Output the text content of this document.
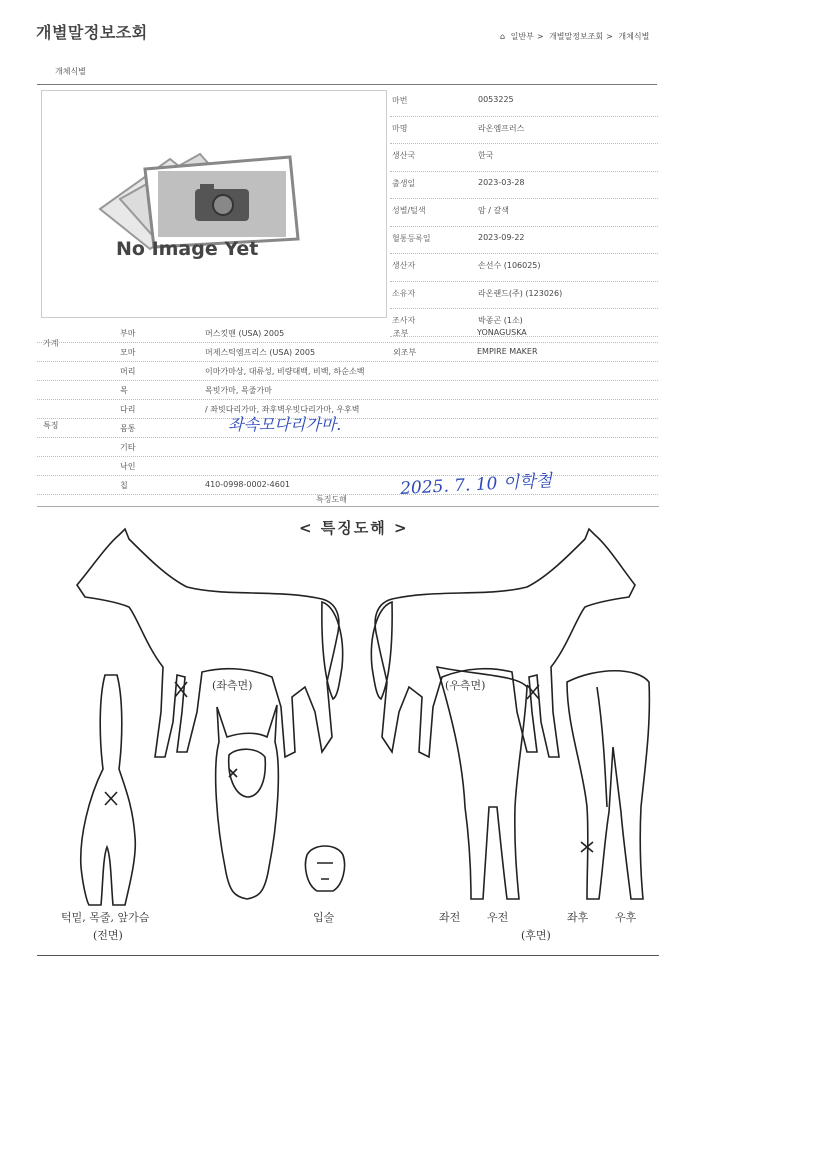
개별말정보조회	⌂ 일반부 > 개별말정보조회 > 개체식별
개체식별
No Image Yet
마번	0053225
마명	라온엠프러스
생산국	한국
출생일	2023-03-28
성별/털색	암 / 갈색
혈통등록일	2023-09-22
생산자	손선수 (106025)
소유자	라온랜드(주) (123026)
조사자	박종곤 (1소)
가계
부마	머스킷맨 (USA) 2005	조부	YONAGUSKA
모마	머제스틱엠프리스 (USA) 2005	외조부	EMPIRE MAKER
특징
머리	이마가마상, 대류성, 비량대백, 비백, 하순소백
목	목빗가마, 목줄가마
다리	/ 좌빗다리가마, 좌후벽우빗다리가마, 우후벽
몸통
기타
낙인
칩	410-0998-0002-4601
좌속모다리가마.
2025. 7. 10 이학철
특징도해
< 특징도해 >
(좌측면)	(우측면)
턱밑, 목줄, 앞가슴
(전면)
입술	좌전 우전	좌후 우후
(후면)
